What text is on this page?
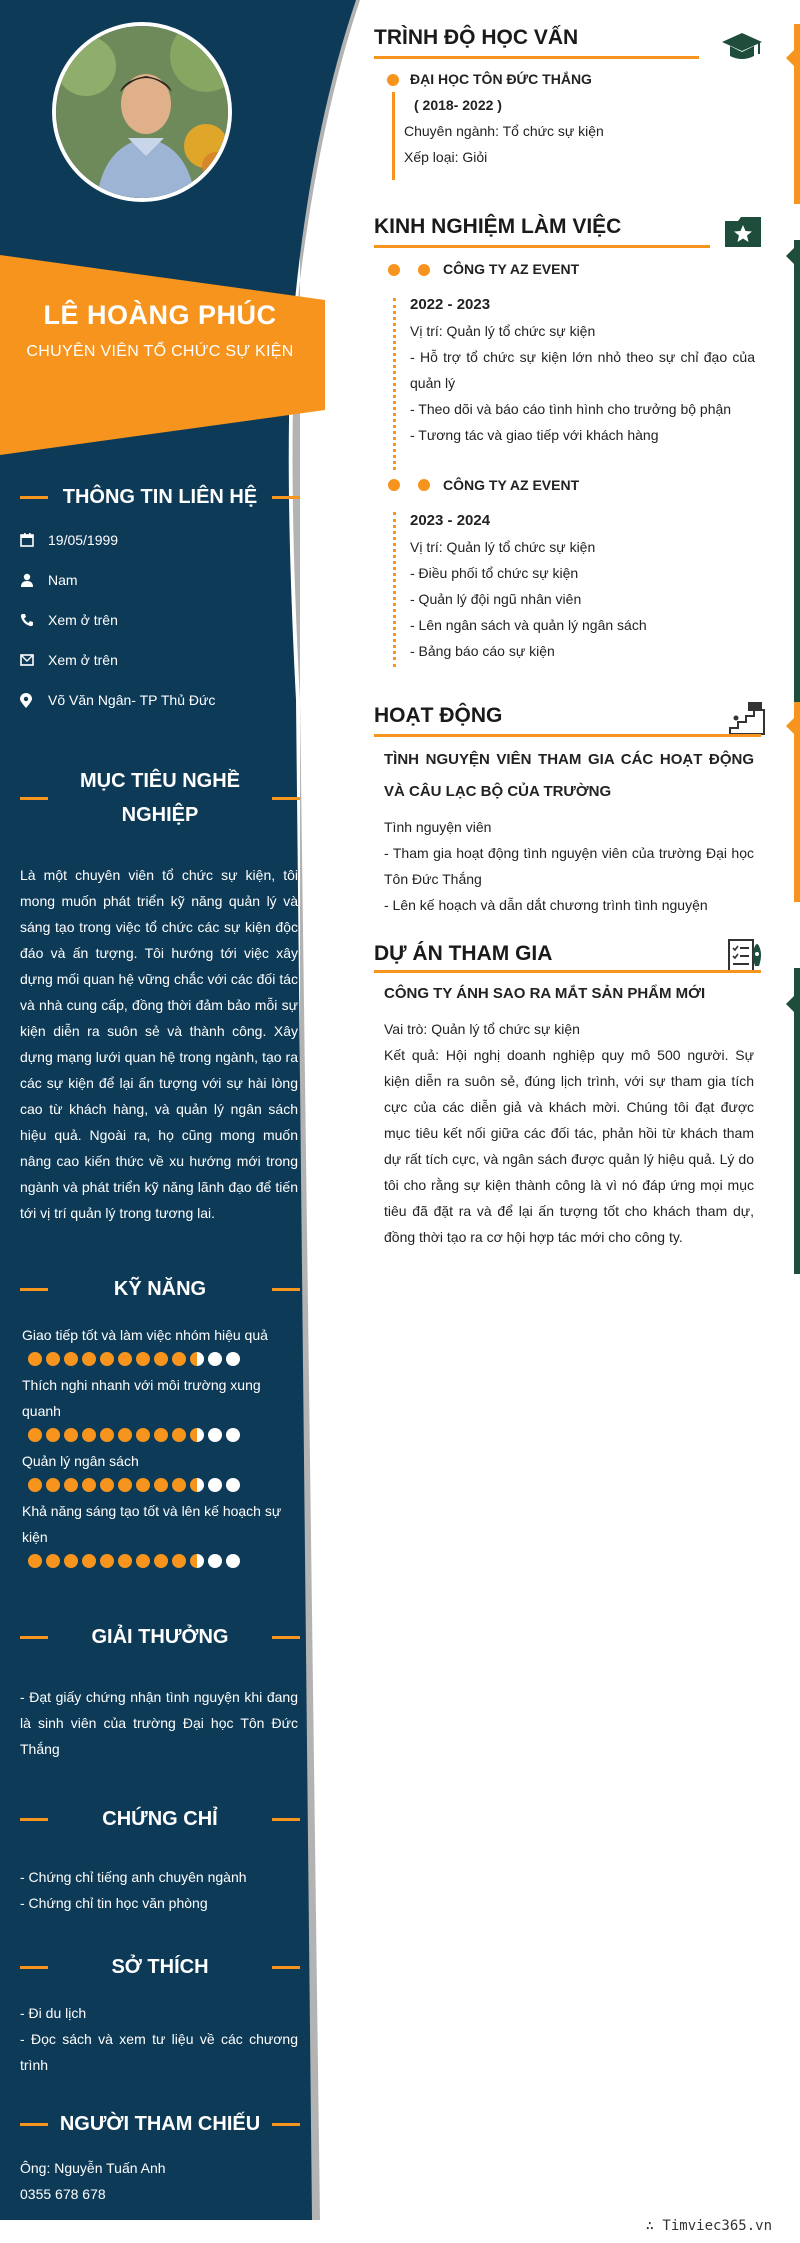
LÊ HOÀNG PHÚC
CHUYÊN VIÊN TỔ CHỨC SỰ KIỆN
THÔNG TIN LIÊN HỆ
19/05/1999
Nam
Xem ở trên
Xem ở trên
Võ Văn Ngân- TP Thủ Đức
MỤC TIÊU NGHỀ
NGHIỆP
Là một chuyên viên tổ chức sự kiện, tôi mong muốn phát triển kỹ năng quản lý và sáng tạo trong việc tổ chức các sự kiện độc đáo và ấn tượng. Tôi hướng tới việc xây dựng mối quan hệ vững chắc với các đối tác và nhà cung cấp, đồng thời đảm bảo mỗi sự kiện diễn ra suôn sẻ và thành công. Xây dựng mạng lưới quan hệ trong ngành, tạo ra các sự kiện để lại ấn tượng với sự hài lòng cao từ khách hàng, và quản lý ngân sách hiệu quả. Ngoài ra, họ cũng mong muốn nâng cao kiến thức về xu hướng mới trong ngành và phát triển kỹ năng lãnh đạo để tiến tới vị trí quản lý trong tương lai.
KỸ NĂNG
Giao tiếp tốt và làm việc nhóm hiệu quả
Thích nghi nhanh với môi trường xung quanh
Quản lý ngân sách
Khả năng sáng tạo tốt và lên kế hoạch sự kiện
GIẢI THƯỞNG
- Đạt giấy chứng nhận tình nguyện khi đang là sinh viên của trường Đại học Tôn Đức Thắng
CHỨNG CHỈ
- Chứng chỉ tiếng anh chuyên ngành
- Chứng chỉ tin học văn phòng
SỞ THÍCH
- Đi du lịch
- Đọc sách và xem tư liệu về các chương trình
NGƯỜI THAM CHIẾU
Ông: Nguyễn Tuấn Anh
0355 678 678
TRÌNH ĐỘ HỌC VẤN
ĐẠI HỌC TÔN ĐỨC THẮNG
( 2018- 2022 )
Chuyên ngành: Tổ chức sự kiện
Xếp loại: Giỏi
KINH NGHIỆM LÀM VIỆC
CÔNG TY AZ EVENT
2022 - 2023
Vị trí: Quản lý tổ chức sự kiện
- Hỗ trợ tổ chức sự kiện lớn nhỏ theo sự chỉ đạo của quản lý
- Theo dõi và báo cáo tình hình cho trưởng bộ phận
- Tương tác và giao tiếp với khách hàng
CÔNG TY AZ EVENT
2023 - 2024
Vị trí: Quản lý tổ chức sự kiện
- Điều phối tổ chức sự kiện
- Quản lý đội ngũ nhân viên
- Lên ngân sách và quản lý ngân sách
- Bảng báo cáo sự kiện
HOẠT ĐỘNG
TÌNH NGUYỆN VIÊN THAM GIA CÁC HOẠT ĐỘNG VÀ CÂU LẠC BỘ CỦA TRƯỜNG
Tình nguyện viên
- Tham gia hoạt động tình nguyện viên của trường Đại học Tôn Đức Thắng
- Lên kế hoạch và dẫn dắt chương trình tình nguyện
DỰ ÁN THAM GIA
CÔNG TY ÁNH SAO RA MẮT SẢN PHẨM MỚI
Vai trò: Quản lý tổ chức sự kiện
Kết quả: Hội nghị doanh nghiệp quy mô 500 người. Sự kiện diễn ra suôn sẻ, đúng lịch trình, với sự tham gia tích cực của các diễn giả và khách mời. Chúng tôi đạt được mục tiêu kết nối giữa các đối tác, phản hồi từ khách tham dự rất tích cực, và ngân sách được quản lý hiệu quả. Lý do tôi cho rằng sự kiện thành công là vì nó đáp ứng mọi mục tiêu đã đặt ra và để lại ấn tượng tốt cho khách tham dự, đồng thời tạo ra cơ hội hợp tác mới cho công ty.
∴ Timviec365.vn
